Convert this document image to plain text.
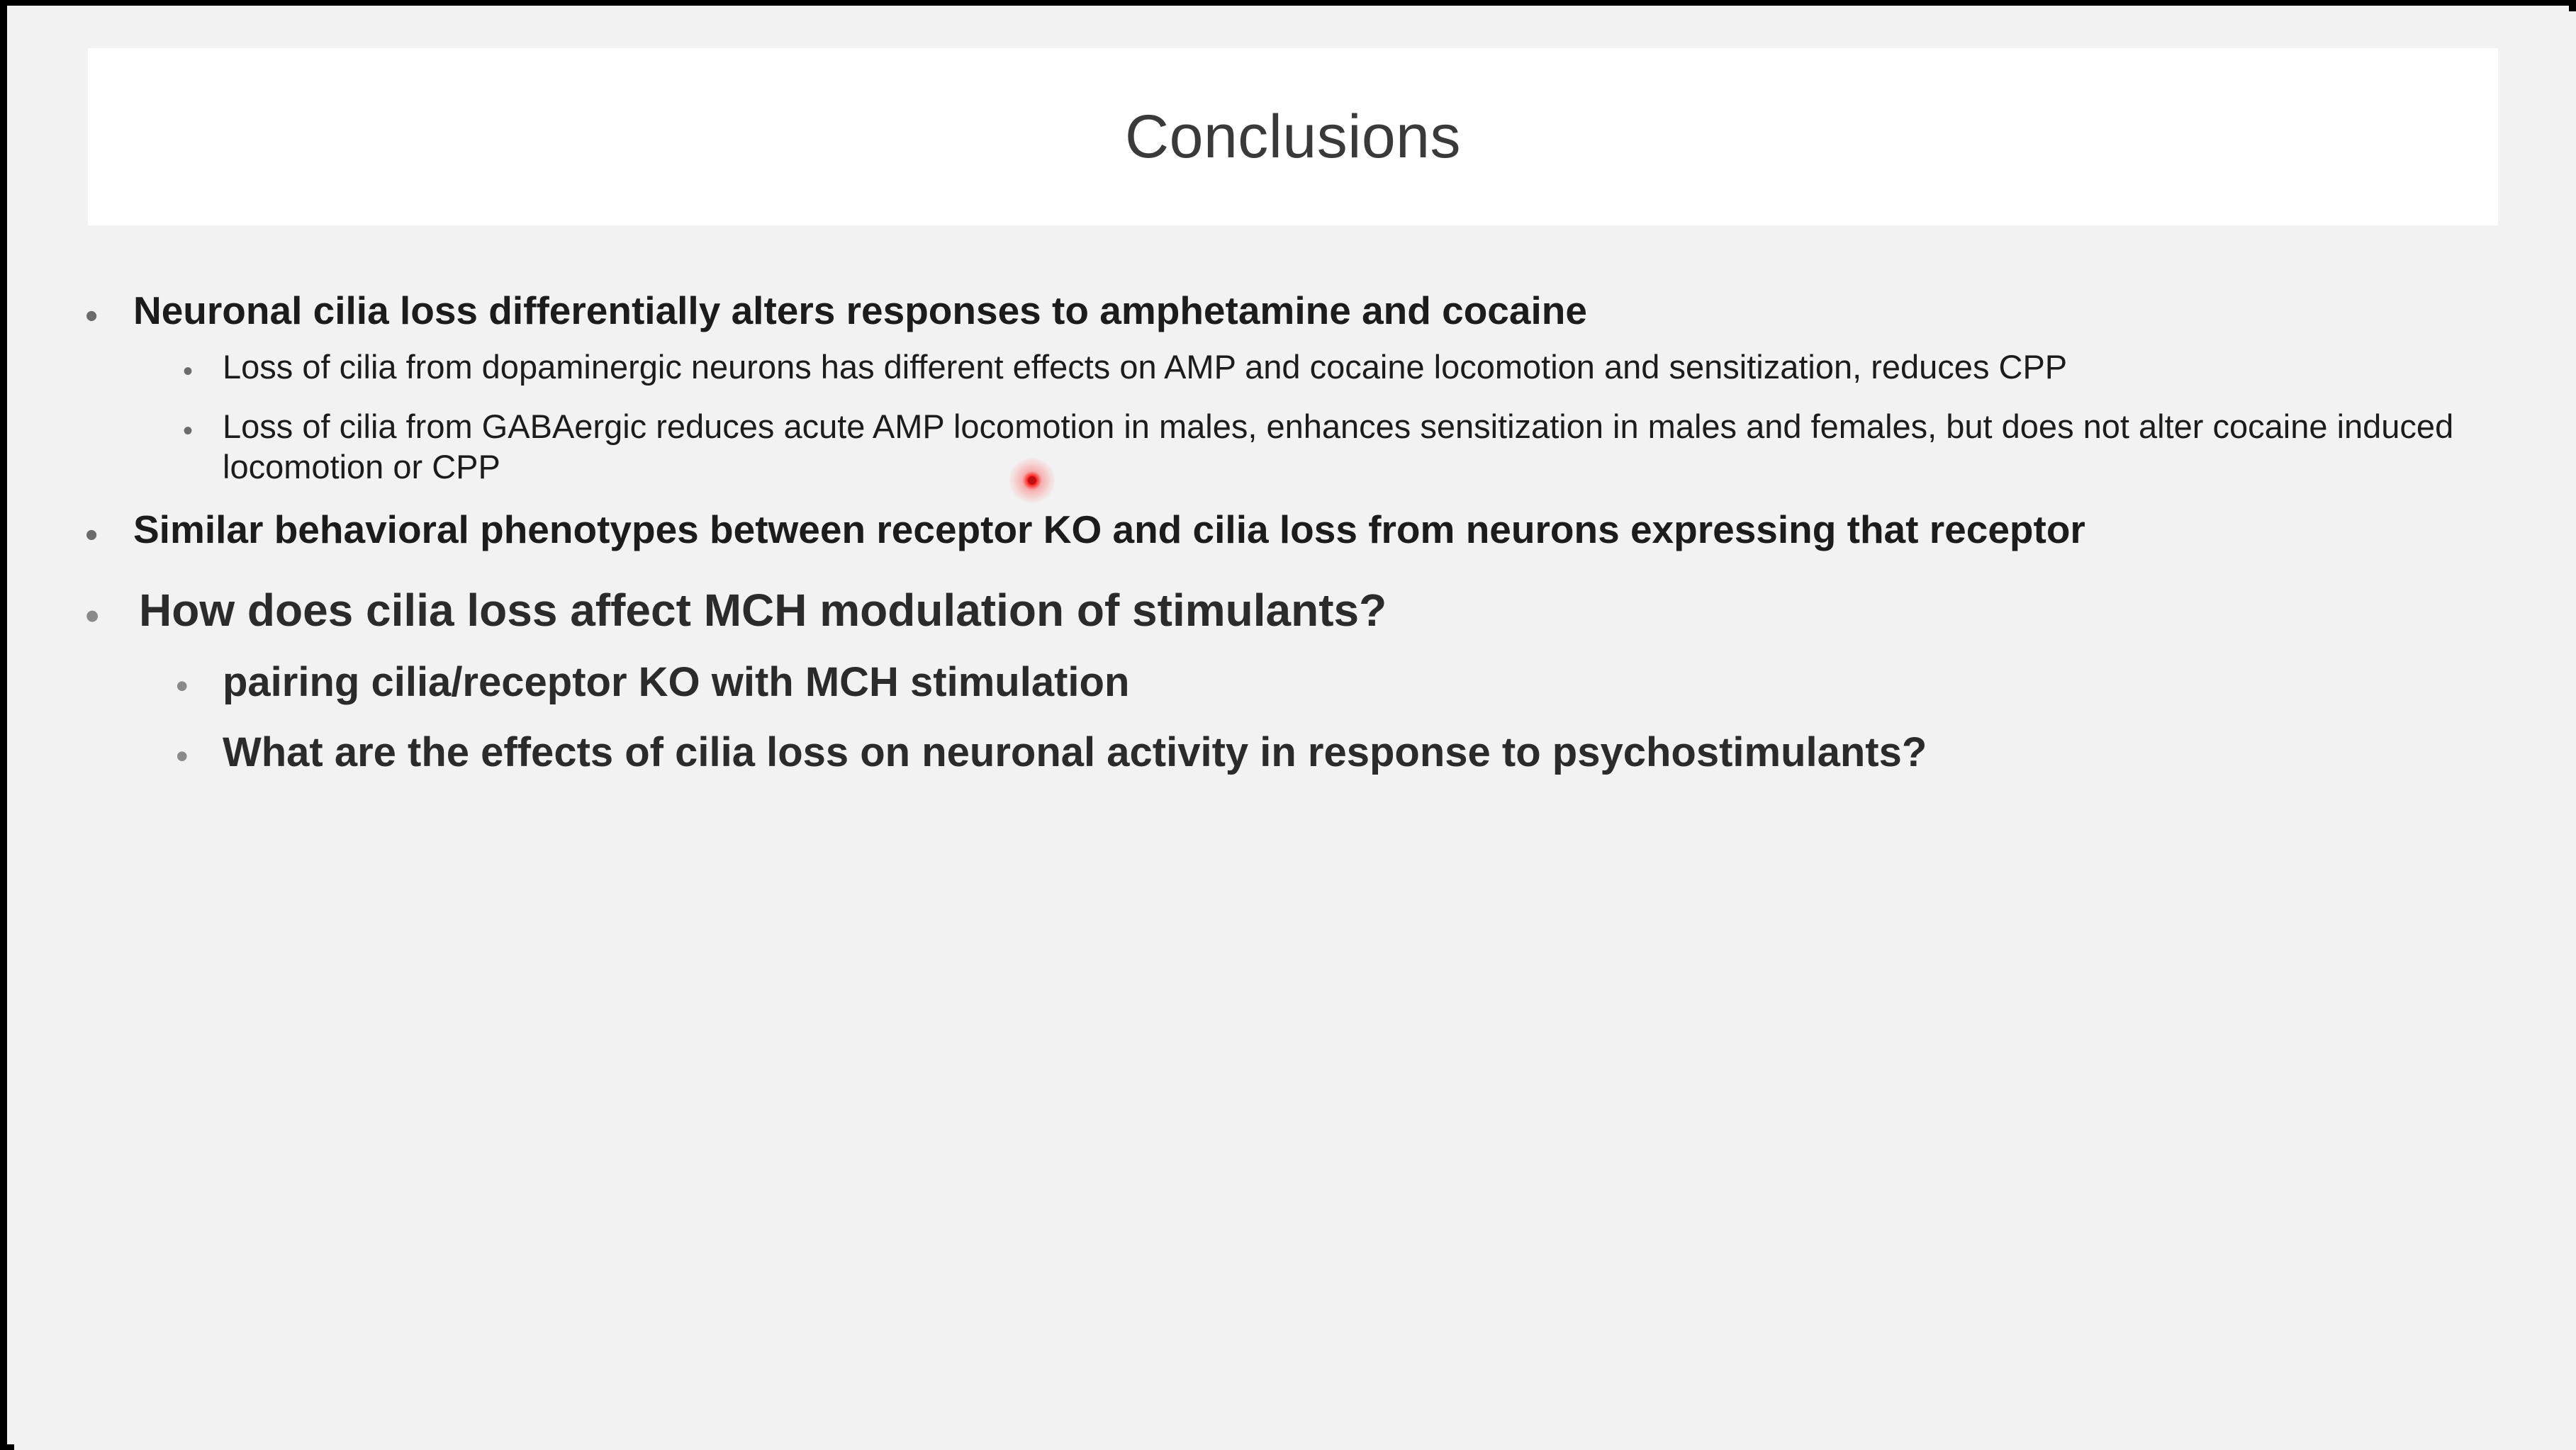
Conclusions
• Neuronal cilia loss differentially alters responses to amphetamine and cocaine
• Loss of cilia from dopaminergic neurons has different effects on AMP and cocaine locomotion and sensitization, reduces CPP
• Loss of cilia from GABAergic reduces acute AMP locomotion in males, enhances sensitization in males and females, but does not alter cocaine induced locomotion or CPP
• Similar behavioral phenotypes between receptor KO and cilia loss from neurons expressing that receptor
• How does cilia loss affect MCH modulation of stimulants?
• pairing cilia/receptor KO with MCH stimulation
• What are the effects of cilia loss on neuronal activity in response to psychostimulants?
